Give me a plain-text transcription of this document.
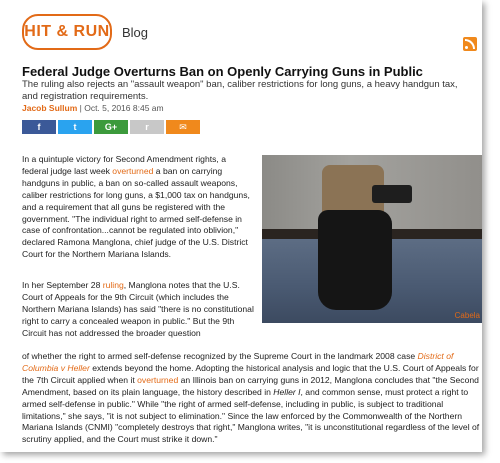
HIT & RUN Blog
Federal Judge Overturns Ban on Openly Carrying Guns in Public
The ruling also rejects an "assault weapon" ban, caliber restrictions for long guns, a heavy handgun tax, and registration requirements.
Jacob Sullum | Oct. 5, 2016 8:45 am
f	t	G+	r	✉
Cabela
In a quintuple victory for Second Amendment rights, a federal judge last week overturned a ban on carrying handguns in public, a ban on so-called assault weapons, caliber restrictions for long guns, a $1,000 tax on handguns, and a requirement that all guns be registered with the government. "The individual right to armed self-defense in case of confrontation...cannot be regulated into oblivion," declared Ramona Manglona, chief judge of the U.S. District Court for the Northern Mariana Islands.
In her September 28 ruling, Manglona notes that the U.S. Court of Appeals for the 9th Circuit (which includes the Northern Mariana Islands) has said "there is no constitutional right to carry a concealed weapon in public." But the 9th Circuit has not addressed the broader question
of whether the right to armed self-defense recognized by the Supreme Court in the landmark 2008 case District of Columbia v Heller extends beyond the home. Adopting the historical analysis and logic that the U.S. Court of Appeals for the 7th Circuit applied when it overturned an Illinois ban on carrying guns in 2012, Manglona concludes that "the Second Amendment, based on its plain language, the history described in Heller I, and common sense, must protect a right to armed self-defense in public." While "the right of armed self-defense, including in public, is subject to traditional limitations," she says, "it is not subject to elimination." Since the law enforced by the Commonwealth of the Northern Mariana Islands (CNMI) "completely destroys that right," Manglona writes, "it is unconstitutional regardless of the level of scrutiny applied, and the Court must strike it down."
